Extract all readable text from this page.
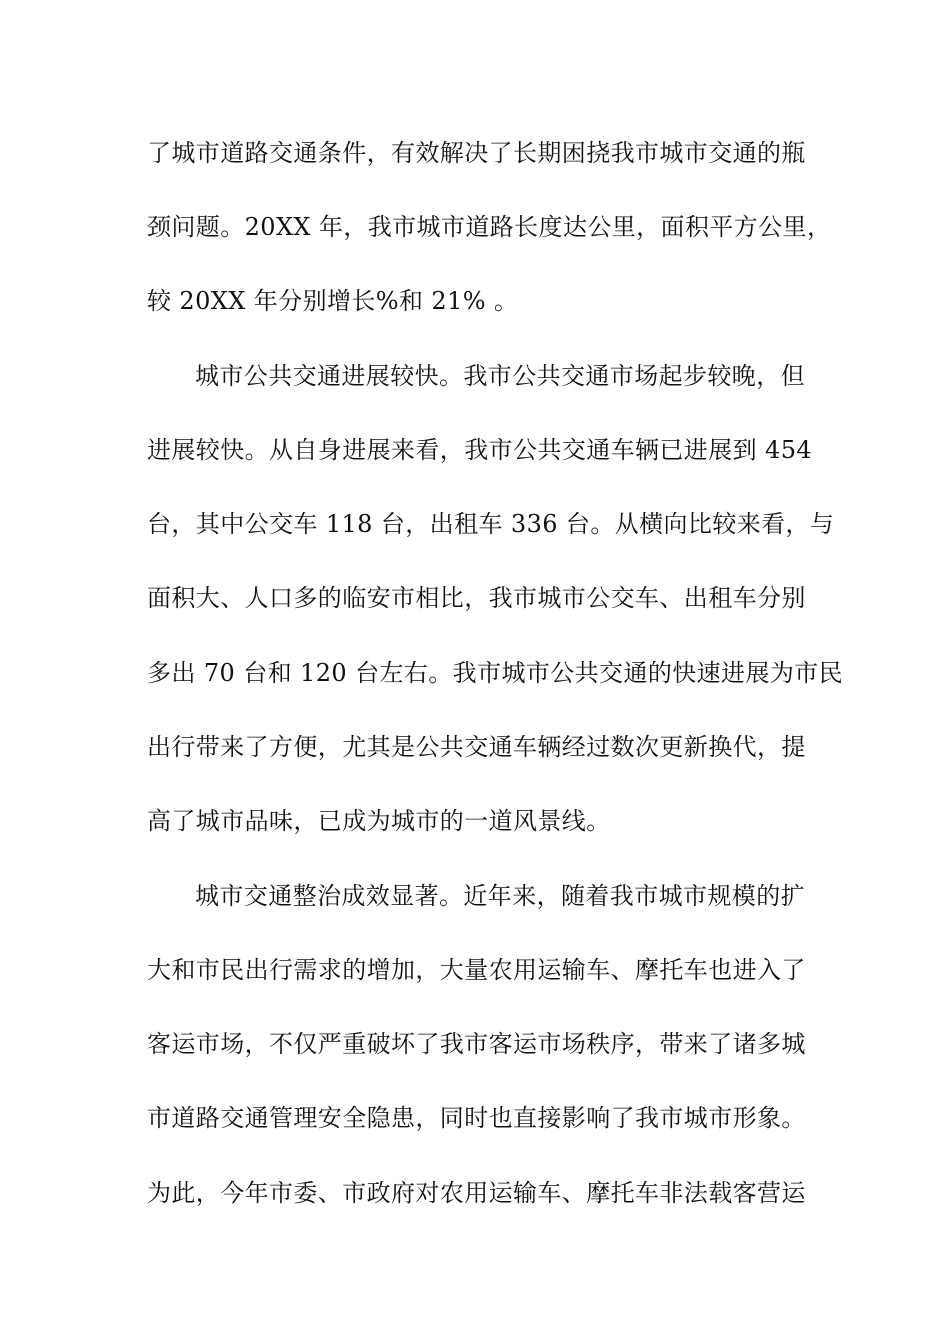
了城市道路交通条件，有效解决了长期困挠我市城市交通的瓶
颈问题。20XX 年，我市城市道路长度达公里，面积平方公里，
较 20XX 年分别增长%和 21% 。
城市公共交通进展较快。我市公共交通市场起步较晚，但
进展较快。从自身进展来看，我市公共交通车辆已进展到 454
台，其中公交车 118 台，出租车 336 台。从横向比较来看，与
面积大、人口多的临安市相比，我市城市公交车、出租车分别
多出 70 台和 120 台左右。我市城市公共交通的快速进展为市民
出行带来了方便，尤其是公共交通车辆经过数次更新换代，提
高了城市品味，已成为城市的一道风景线。
城市交通整治成效显著。近年来，随着我市城市规模的扩
大和市民出行需求的增加，大量农用运输车、摩托车也进入了
客运市场，不仅严重破坏了我市客运市场秩序，带来了诸多城
市道路交通管理安全隐患，同时也直接影响了我市城市形象。
为此，今年市委、市政府对农用运输车、摩托车非法载客营运
